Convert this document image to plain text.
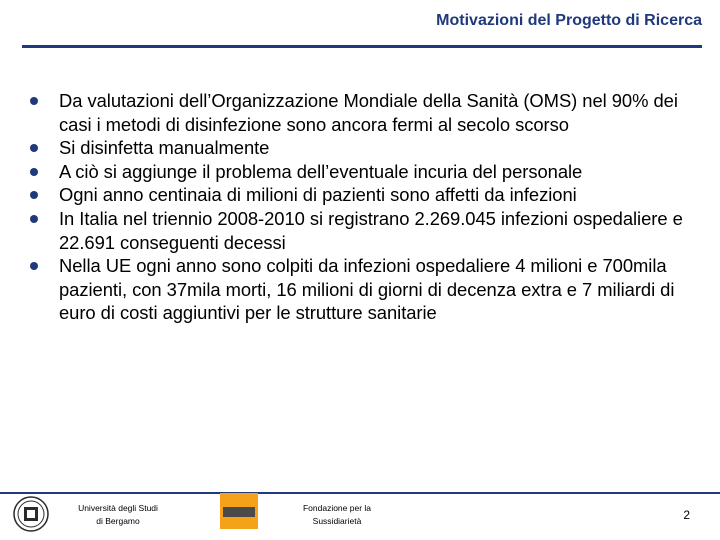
Motivazioni del Progetto di Ricerca
Da valutazioni dell’Organizzazione Mondiale della Sanità (OMS) nel 90% dei casi i metodi di disinfezione sono ancora fermi al secolo scorso
Si disinfetta manualmente
A ciò si aggiunge il problema dell’eventuale incuria del personale
Ogni anno centinaia di milioni di pazienti sono affetti da infezioni
In Italia nel triennio 2008-2010 si registrano 2.269.045 infezioni ospedaliere e 22.691 conseguenti decessi
Nella UE ogni anno sono colpiti da infezioni ospedaliere 4 milioni e 700mila pazienti, con 37mila morti, 16 milioni di giorni di decenza extra e 7 miliardi di euro di costi aggiuntivi per le strutture sanitarie
Università degli Studi
di Bergamo
Fondazione per la
Sussidiarietà	2
